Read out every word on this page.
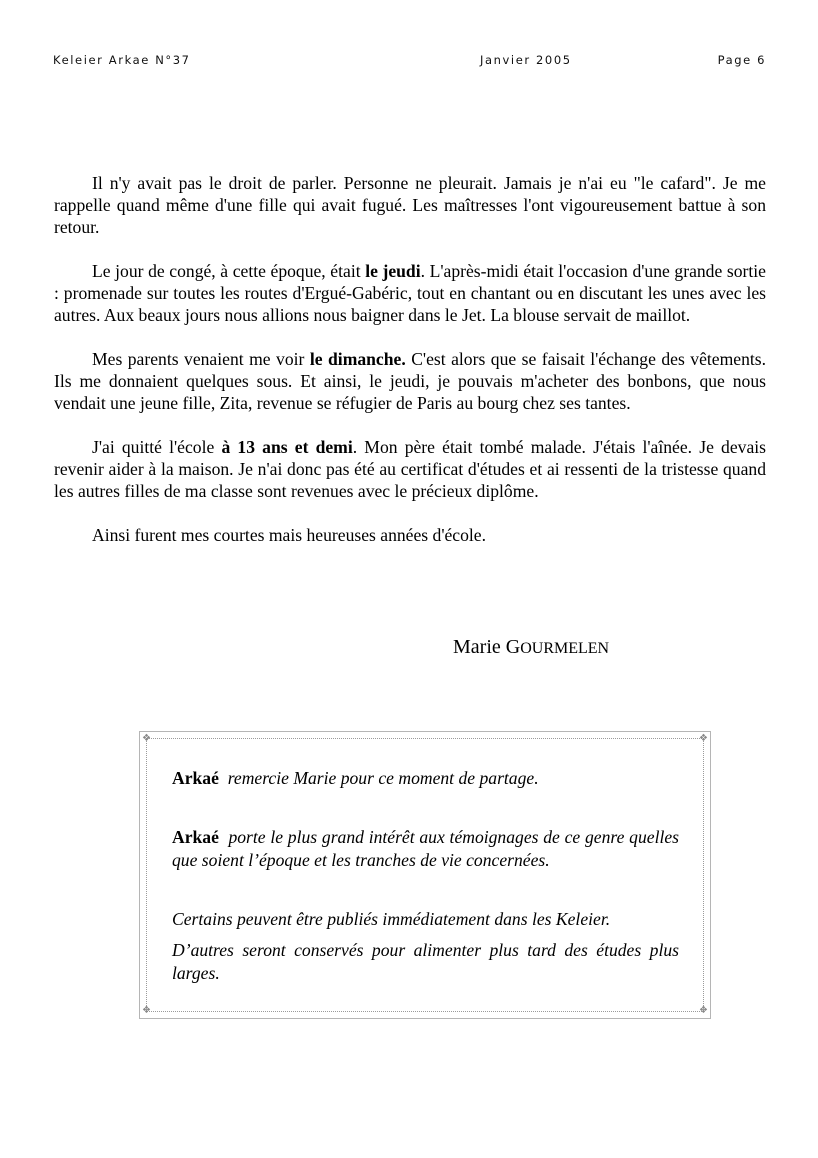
Keleier Arkae N°37	Janvier 2005	Page 6

Il n'y avait pas le droit de parler. Personne ne pleurait. Jamais je n'ai eu "le cafard". Je me rappelle quand même d'une fille qui avait fugué. Les maîtresses l'ont vigoureusement battue à son retour.

Le jour de congé, à cette époque, était le jeudi. L'après-midi était l'occasion d'une grande sortie : promenade sur toutes les routes d'Ergué-Gabéric, tout en chantant ou en discutant les unes avec les autres. Aux beaux jours nous allions nous baigner dans le Jet. La blouse servait de maillot.

Mes parents venaient me voir le dimanche. C'est alors que se faisait l'échange des vêtements. Ils me donnaient quelques sous. Et ainsi, le jeudi, je pouvais m'acheter des bonbons, que nous vendait une jeune fille, Zita, revenue se réfugier de Paris au bourg chez ses tantes.

J'ai quitté l'école à 13 ans et demi. Mon père était tombé malade. J'étais l'aînée. Je devais revenir aider à la maison. Je n'ai donc pas été au certificat d'études et ai ressenti de la tristesse quand les autres filles de ma classe sont revenues avec le précieux diplôme.

Ainsi furent mes courtes mais heureuses années d'école.

Marie GOURMELEN
❖	❖
❖	❖
Arkaé remercie Marie pour ce moment de partage.
Arkaé porte le plus grand intérêt aux témoignages de ce genre quelles que soient l’époque et les tranches de vie concernées.
Certains peuvent être publiés immédiatement dans les Keleier.
D’autres seront conservés pour alimenter plus tard des études plus larges.
